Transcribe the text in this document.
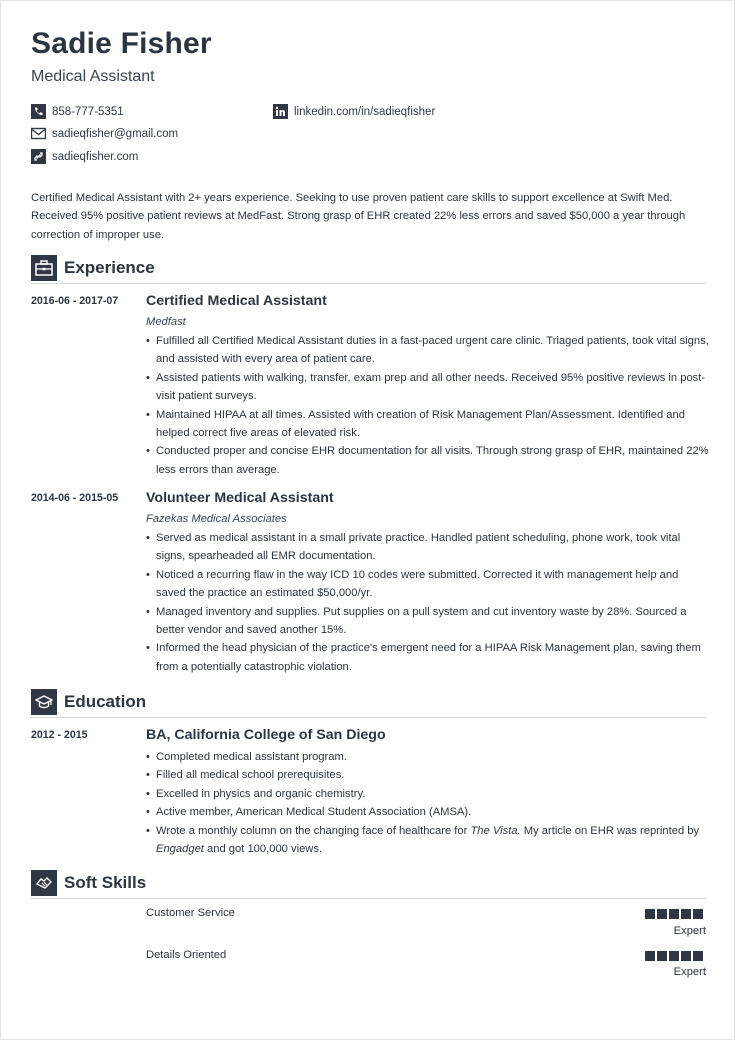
Sadie Fisher
Medical Assistant
858-777-5351
sadieqfisher@gmail.com
sadieqfisher.com
linkedin.com/in/sadieqfisher
Certified Medical Assistant with 2+ years experience. Seeking to use proven patient care skills to support excellence at Swift Med. Received 95% positive patient reviews at MedFast. Strong grasp of EHR created 22% less errors and saved $50,000 a year through correction of improper use.
Experience
2016-06 - 2017-07 Certified Medical Assistant
Medfast
• Fulfilled all Certified Medical Assistant duties in a fast-paced urgent care clinic. Triaged patients, took vital signs, and assisted with every area of patient care.
• Assisted patients with walking, transfer, exam prep and all other needs. Received 95% positive reviews in post-visit patient surveys.
• Maintained HIPAA at all times. Assisted with creation of Risk Management Plan/Assessment. Identified and helped correct five areas of elevated risk.
• Conducted proper and concise EHR documentation for all visits. Through strong grasp of EHR, maintained 22% less errors than average.
2014-06 - 2015-05 Volunteer Medical Assistant
Fazekas Medical Associates
• Served as medical assistant in a small private practice. Handled patient scheduling, phone work, took vital signs, spearheaded all EMR documentation.
• Noticed a recurring flaw in the way ICD 10 codes were submitted. Corrected it with management help and saved the practice an estimated $50,000/yr.
• Managed inventory and supplies. Put supplies on a pull system and cut inventory waste by 28%. Sourced a better vendor and saved another 15%.
• Informed the head physician of the practice's emergent need for a HIPAA Risk Management plan, saving them from a potentially catastrophic violation.
Education
2012 - 2015	BA, California College of San Diego
• Completed medical assistant program.
• Filled all medical school prerequisites.
• Excelled in physics and organic chemistry.
• Active member, American Medical Student Association (AMSA).
• Wrote a monthly column on the changing face of healthcare for The Vista. My article on EHR was reprinted by Engadget and got 100,000 views.
Soft Skills
Customer Service
Expert
Details Oriented
Expert
